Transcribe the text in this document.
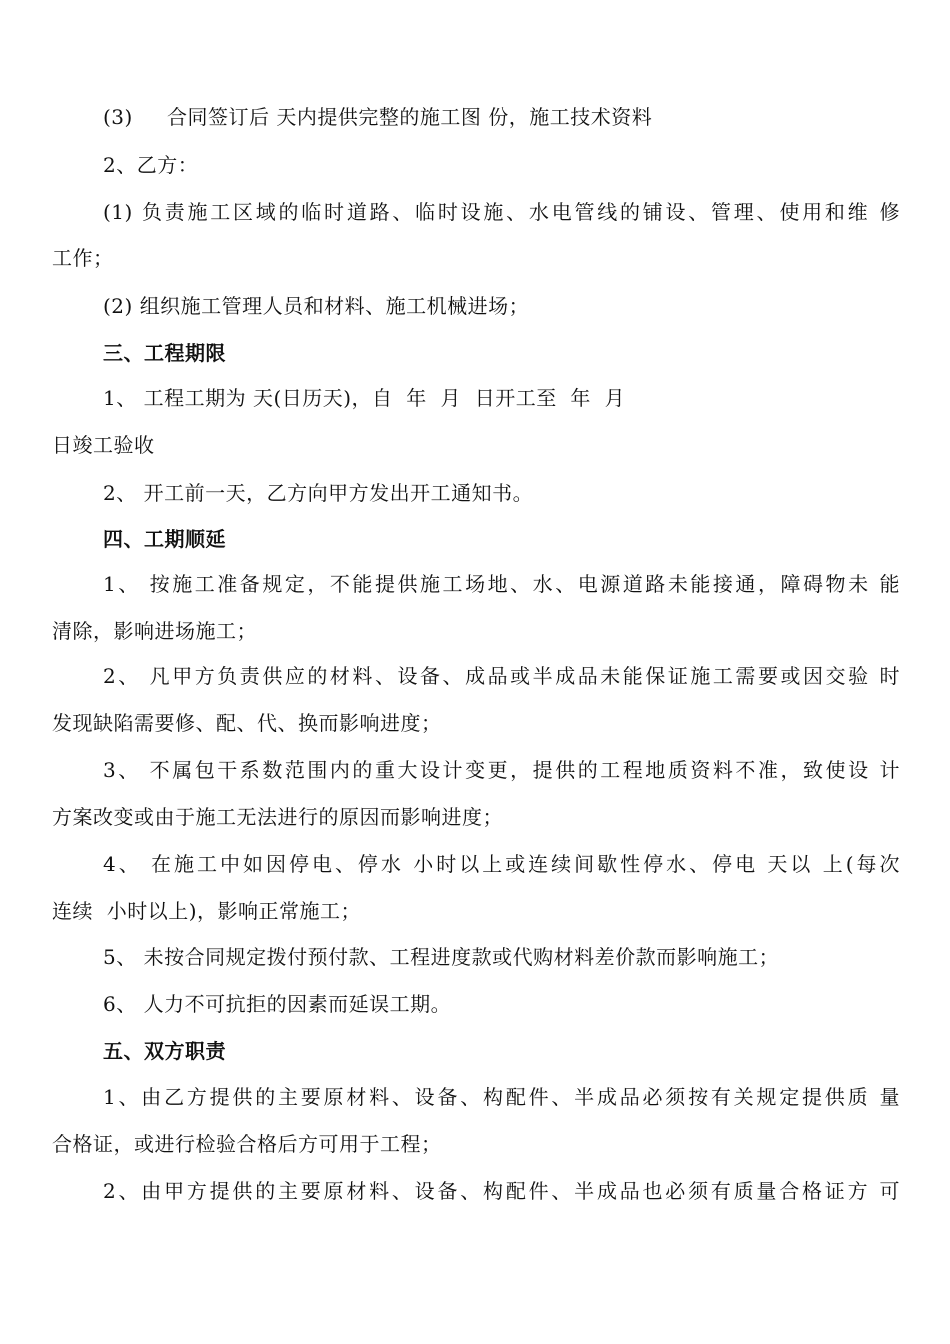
(3)　  合同签订后 天内提供完整的施工图 份，施工技术资料
2、乙方：
(1) 负责施工区域的临时道路、临时设施、水电管线的铺设、管理、使用和维 修
工作；
(2) 组织施工管理人员和材料、施工机械进场；
三、工程期限
1、 工程工期为 天(日历天)，自  年  月  日开工至  年  月
日竣工验收
2、 开工前一天，乙方向甲方发出开工通知书。
四、工期顺延
1、 按施工准备规定，不能提供施工场地、水、电源道路未能接通，障碍物未 能
清除，影响进场施工；
2、 凡甲方负责供应的材料、设备、成品或半成品未能保证施工需要或因交验 时
发现缺陷需要修、配、代、换而影响进度；
3、 不属包干系数范围内的重大设计变更，提供的工程地质资料不准，致使设 计
方案改变或由于施工无法进行的原因而影响进度；
4、 在施工中如因停电、停水 小时以上或连续间歇性停水、停电 天以 上(每次
连续  小时以上)，影响正常施工；
5、 未按合同规定拨付预付款、工程进度款或代购材料差价款而影响施工；
6、 人力不可抗拒的因素而延误工期。
五、双方职责
1、由乙方提供的主要原材料、设备、构配件、半成品必须按有关规定提供质 量
合格证，或进行检验合格后方可用于工程；
2、由甲方提供的主要原材料、设备、构配件、半成品也必须有质量合格证方 可
